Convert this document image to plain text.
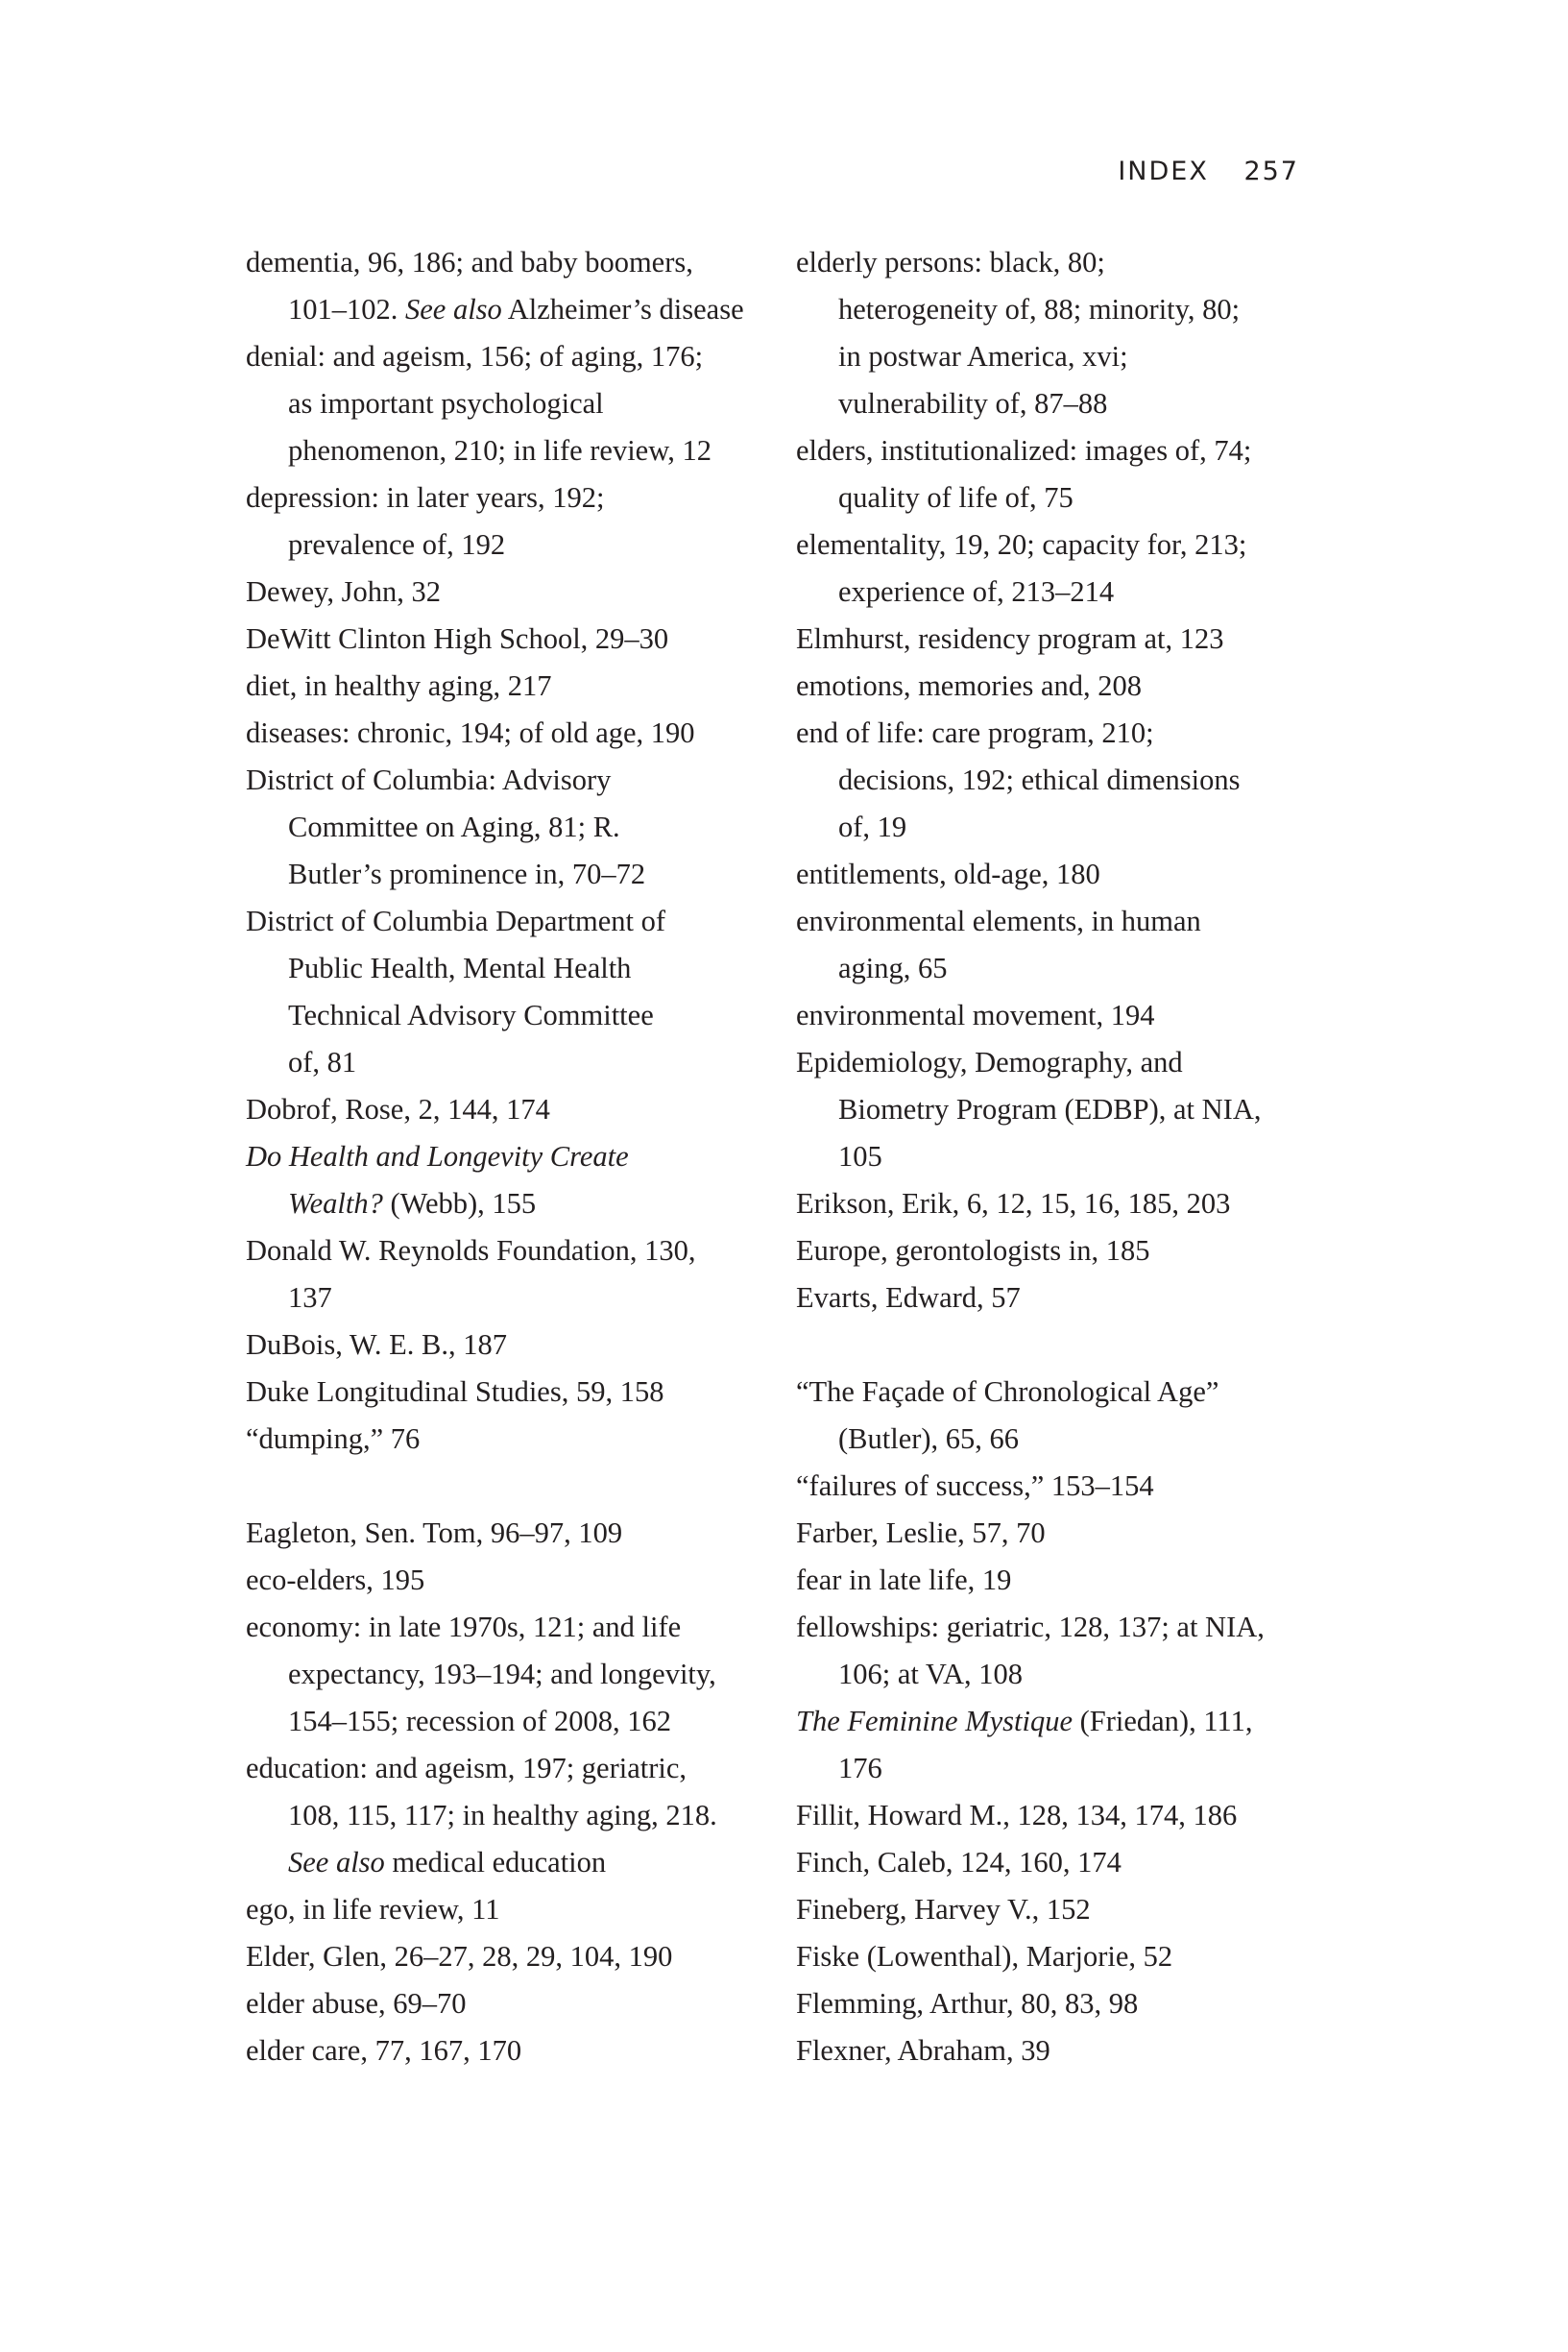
INDEX 257
dementia, 96, 186; and baby boomers,
101–102. See also Alzheimer’s disease
denial: and ageism, 156; of aging, 176;
as important psychological
phenomenon, 210; in life review, 12
depression: in later years, 192;
prevalence of, 192
Dewey, John, 32
DeWitt Clinton High School, 29–30
diet, in healthy aging, 217
diseases: chronic, 194; of old age, 190
District of Columbia: Advisory
Committee on Aging, 81; R.
Butler’s prominence in, 70–72
District of Columbia Department of
Public Health, Mental Health
Technical Advisory Committee
of, 81
Dobrof, Rose, 2, 144, 174
Do Health and Longevity Create
Wealth? (Webb), 155
Donald W. Reynolds Foundation, 130,
137
DuBois, W. E. B., 187
Duke Longitudinal Studies, 59, 158
“dumping,” 76
Eagleton, Sen. Tom, 96–97, 109
eco-elders, 195
economy: in late 1970s, 121; and life
expectancy, 193–194; and longevity,
154–155; recession of 2008, 162
education: and ageism, 197; geriatric,
108, 115, 117; in healthy aging, 218.
See also medical education
ego, in life review, 11
Elder, Glen, 26–27, 28, 29, 104, 190
elder abuse, 69–70
elder care, 77, 167, 170
elderly persons: black, 80;
heterogeneity of, 88; minority, 80;
in postwar America, xvi;
vulnerability of, 87–88
elders, institutionalized: images of, 74;
quality of life of, 75
elementality, 19, 20; capacity for, 213;
experience of, 213–214
Elmhurst, residency program at, 123
emotions, memories and, 208
end of life: care program, 210;
decisions, 192; ethical dimensions
of, 19
entitlements, old-age, 180
environmental elements, in human
aging, 65
environmental movement, 194
Epidemiology, Demography, and
Biometry Program (EDBP), at NIA,
105
Erikson, Erik, 6, 12, 15, 16, 185, 203
Europe, gerontologists in, 185
Evarts, Edward, 57
“The Façade of Chronological Age”
(Butler), 65, 66
“failures of success,” 153–154
Farber, Leslie, 57, 70
fear in late life, 19
fellowships: geriatric, 128, 137; at NIA,
106; at VA, 108
The Feminine Mystique (Friedan), 111,
176
Fillit, Howard M., 128, 134, 174, 186
Finch, Caleb, 124, 160, 174
Fineberg, Harvey V., 152
Fiske (Lowenthal), Marjorie, 52
Flemming, Arthur, 80, 83, 98
Flexner, Abraham, 39
